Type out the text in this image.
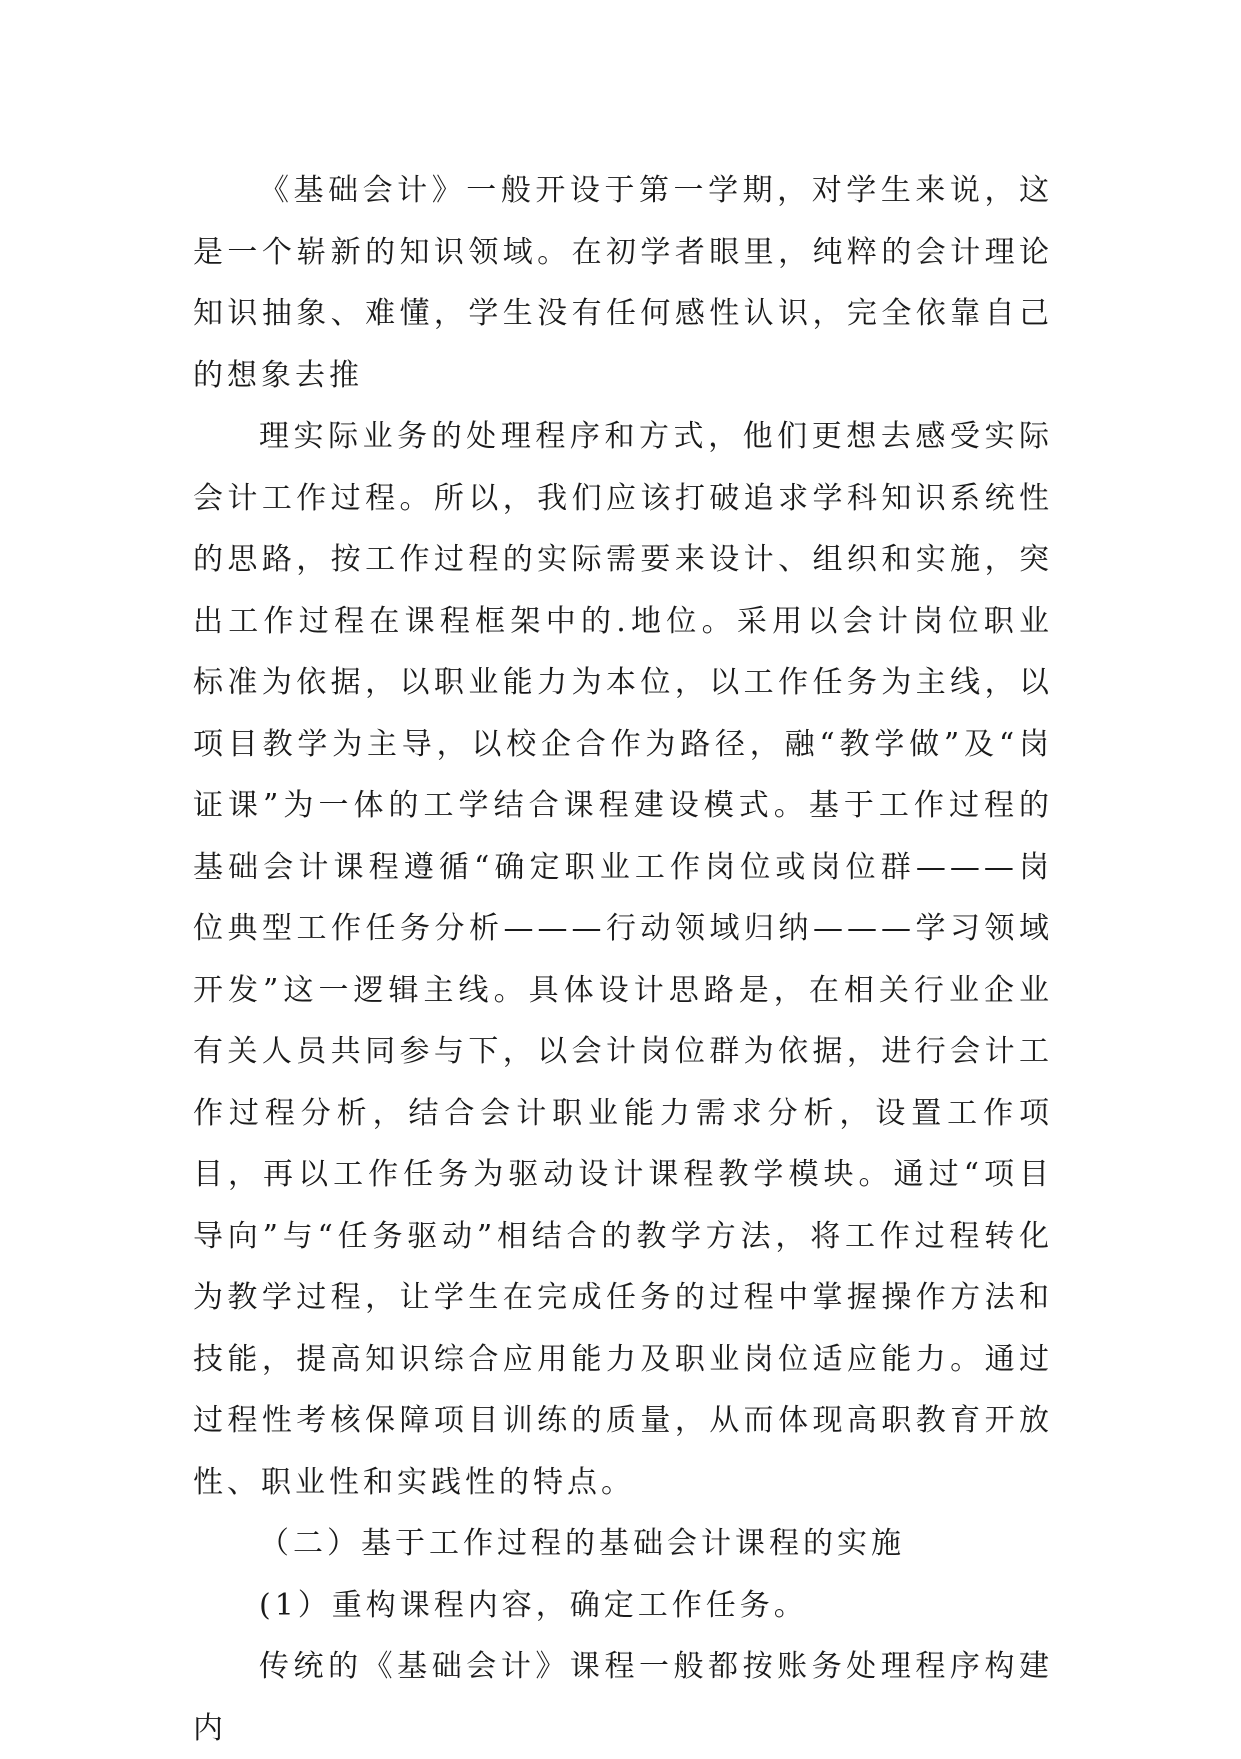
《基础会计》一般开设于第一学期，对学生来说，这是一个崭新的知识领域。在初学者眼里，纯粹的会计理论知识抽象、难懂，学生没有任何感性认识，完全依靠自己的想象去推

理实际业务的处理程序和方式，他们更想去感受实际会计工作过程。所以，我们应该打破追求学科知识系统性的思路，按工作过程的实际需要来设计、组织和实施，突出工作过程在课程框架中的.地位。采用以会计岗位职业标准为依据，以职业能力为本位，以工作任务为主线，以项目教学为主导，以校企合作为路径，融“教学做”及“岗证课”为一体的工学结合课程建设模式。基于工作过程的基础会计课程遵循“确定职业工作岗位或岗位群———岗位典型工作任务分析———行动领域归纳———学习领域开发”这一逻辑主线。具体设计思路是，在相关行业企业有关人员共同参与下，以会计岗位群为依据，进行会计工作过程分析，结合会计职业能力需求分析，设置工作项目，再以工作任务为驱动设计课程教学模块。通过“项目导向”与“任务驱动”相结合的教学方法，将工作过程转化为教学过程，让学生在完成任务的过程中掌握操作方法和技能，提高知识综合应用能力及职业岗位适应能力。通过过程性考核保障项目训练的质量，从而体现高职教育开放性、职业性和实践性的特点。

（二）基于工作过程的基础会计课程的实施

(1）重构课程内容，确定工作任务。

传统的《基础会计》课程一般都按账务处理程序构建内
